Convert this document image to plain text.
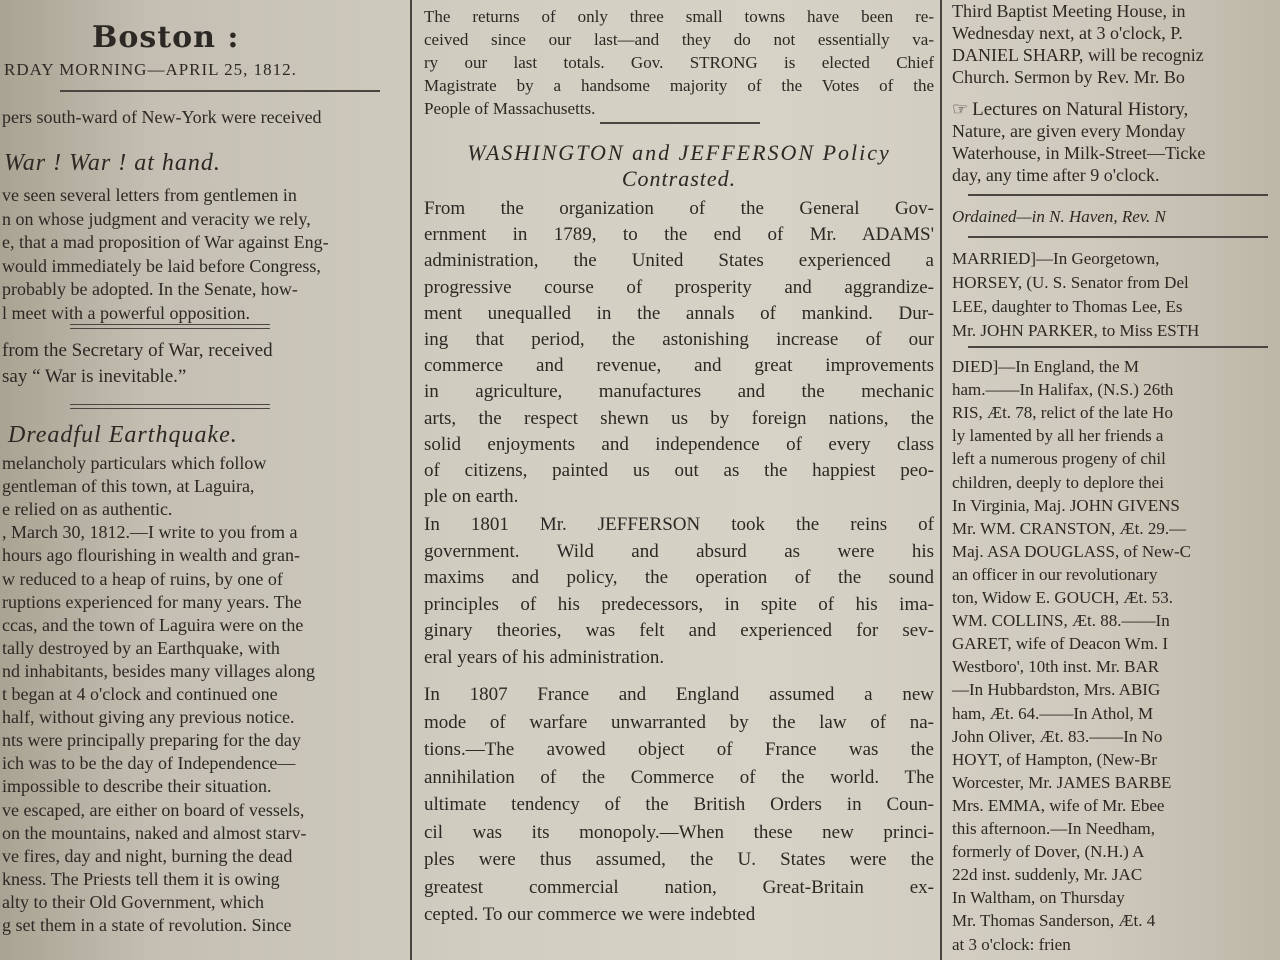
Boston :
RDAY MORNING—APRIL 25, 1812.
pers south-ward of New-York were received
War ! War ! at hand.
ve seen several letters from gentlemen in
n on whose judgment and veracity we rely,
e, that a mad proposition of War against Eng-
would immediately be laid before Congress,
probably be adopted. In the Senate, how-
l meet with a powerful opposition.
from the Secretary of War, received
say “ War is inevitable.”
Dreadful Earthquake.
melancholy particulars which follow
gentleman of this town, at Laguira,
e relied on as authentic.
, March 30, 1812.—I write to you from a
hours ago flourishing in wealth and gran-
w reduced to a heap of ruins, by one of
ruptions experienced for many years. The
ccas, and the town of Laguira were on the
tally destroyed by an Earthquake, with
nd inhabitants, besides many villages along
t began at 4 o'clock and continued one
half, without giving any previous notice.
nts were principally preparing for the day
ich was to be the day of Independence—
impossible to describe their situation.
ve escaped, are either on board of vessels,
on the mountains, naked and almost starv-
ve fires, day and night, burning the dead
kness. The Priests tell them it is owing
alty to their Old Government, which
g set them in a state of revolution. Since
The returns of only three small towns have been re-
ceived since our last—and they do not essentially va-
ry our last totals. Gov. STRONG is elected Chief
Magistrate by a handsome majority of the Votes of the
People of Massachusetts.
WASHINGTON and JEFFERSON Policy
Contrasted.
From the organization of the General Gov-
ernment in 1789, to the end of Mr. ADAMS'
administration, the United States experienced a
progressive course of prosperity and aggrandize-
ment unequalled in the annals of mankind. Dur-
ing that period, the astonishing increase of our
commerce and revenue, and great improvements
in agriculture, manufactures and the mechanic
arts, the respect shewn us by foreign nations, the
solid enjoyments and independence of every class
of citizens, painted us out as the happiest peo-
ple on earth.
In 1801 Mr. JEFFERSON took the reins of
government. Wild and absurd as were his
maxims and policy, the operation of the sound
principles of his predecessors, in spite of his ima-
ginary theories, was felt and experienced for sev-
eral years of his administration.
In 1807 France and England assumed a new
mode of warfare unwarranted by the law of na-
tions.—The avowed object of France was the
annihilation of the Commerce of the world. The
ultimate tendency of the British Orders in Coun-
cil was its monopoly.—When these new princi-
ples were thus assumed, the U. States were the
greatest commercial nation, Great-Britain ex-
cepted. To our commerce we were indebted
Third Baptist Meeting House, in
Wednesday next, at 3 o'clock, P.
DANIEL SHARP, will be recogniz
Church. Sermon by Rev. Mr. Bo
☞ Lectures on Natural History,
Nature, are given every Monday
Waterhouse, in Milk-Street—Ticke
day, any time after 9 o'clock.
Ordained—in N. Haven, Rev. N
MARRIED]—In Georgetown,
HORSEY, (U. S. Senator from Del
LEE, daughter to Thomas Lee, Es
Mr. JOHN PARKER, to Miss ESTH
DIED]—In England, the M
ham.——In Halifax, (N.S.) 26th
RIS, Æt. 78, relict of the late Ho
ly lamented by all her friends a
left a numerous progeny of chil
children, deeply to deplore thei
In Virginia, Maj. JOHN GIVENS
Mr. WM. CRANSTON, Æt. 29.—
Maj. ASA DOUGLASS, of New-C
an officer in our revolutionary
ton, Widow E. GOUCH, Æt. 53.
WM. COLLINS, Æt. 88.——In
GARET, wife of Deacon Wm. I
Westboro', 10th inst. Mr. BAR
—In Hubbardston, Mrs. ABIG
ham, Æt. 64.——In Athol, M
John Oliver, Æt. 83.——In No
HOYT, of Hampton, (New-Br
Worcester, Mr. JAMES BARBE
Mrs. EMMA, wife of Mr. Ebee
this afternoon.—In Needham,
formerly of Dover, (N.H.) A
22d inst. suddenly, Mr. JAC
In Waltham, on Thursday
Mr. Thomas Sanderson, Æt. 4
at 3 o'clock: frien
